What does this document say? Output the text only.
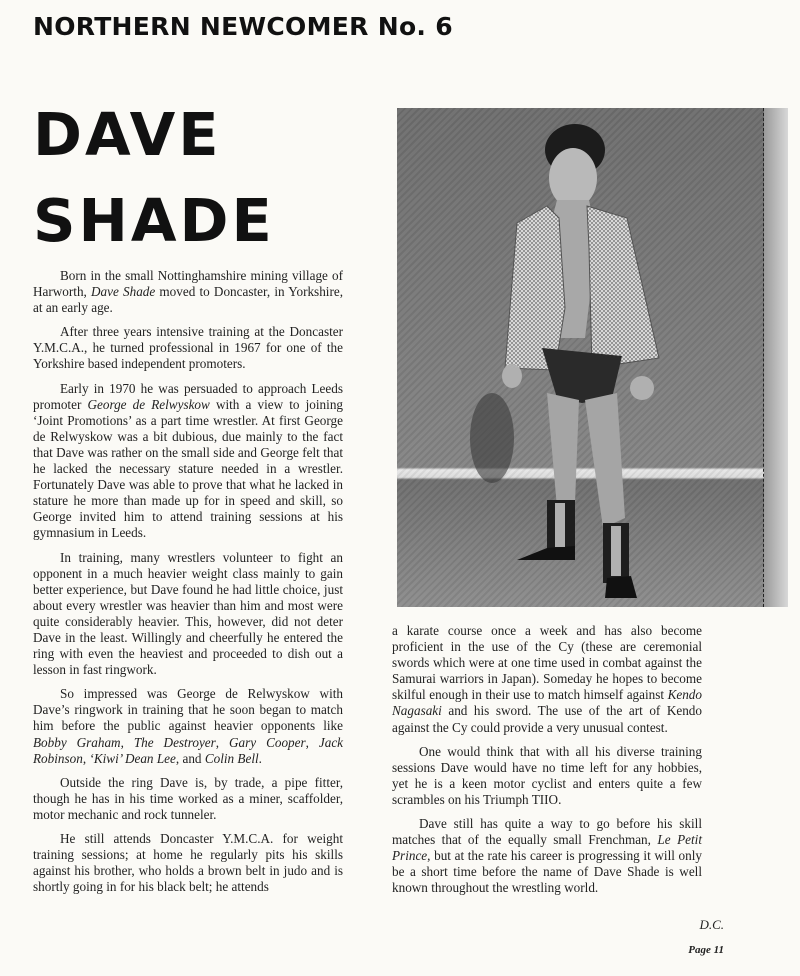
NORTHERN NEWCOMER No. 6
DAVE
SHADE

Born in the small Nottinghamshire mining village of Harworth, Dave Shade moved to Doncaster, in Yorkshire, at an early age.

After three years intensive training at the Doncaster Y.M.C.A., he turned professional in 1967 for one of the Yorkshire based independent promoters.

Early in 1970 he was persuaded to approach Leeds promoter George de Relwyskow with a view to joining ‘Joint Promotions’ as a part time wrestler. At first George de Relwyskow was a bit dubious, due mainly to the fact that Dave was rather on the small side and George felt that he lacked the necessary stature needed in a wrestler. Fortunately Dave was able to prove that what he lacked in stature he more than made up for in speed and skill, so George invited him to attend training sessions at his gymnasium in Leeds.

In training, many wrestlers volunteer to fight an opponent in a much heavier weight class mainly to gain better experience, but Dave found he had little choice, just about every wrestler was heavier than him and most were quite considerably heavier. This, however, did not deter Dave in the least. Willingly and cheerfully he entered the ring with even the heaviest and proceeded to dish out a lesson in fast ringwork.

So impressed was George de Relwyskow with Dave’s ringwork in training that he soon began to match him before the public against heavier opponents like Bobby Graham, The Destroyer, Gary Cooper, Jack Robinson, ‘Kiwi’ Dean Lee, and Colin Bell.

Outside the ring Dave is, by trade, a pipe fitter, though he has in his time worked as a miner, scaffolder, motor mechanic and rock tunneler.

He still attends Doncaster Y.M.C.A. for weight training sessions; at home he regularly pits his skills against his brother, who holds a brown belt in judo and is shortly going in for his black belt; he attends

a karate course once a week and has also become proficient in the use of the Cy (these are ceremonial swords which were at one time used in combat against the Samurai warriors in Japan). Someday he hopes to become skilful enough in their use to match himself against Kendo Nagasaki and his sword. The use of the art of Kendo against the Cy could provide a very unusual contest.

One would think that with all his diverse training sessions Dave would have no time left for any hobbies, yet he is a keen motor cyclist and enters quite a few scrambles on his Triumph TIIO.

Dave still has quite a way to go before his skill matches that of the equally small Frenchman, Le Petit Prince, but at the rate his career is progressing it will only be a short time before the name of Dave Shade is well known throughout the wrestling world.

D.C.
Page 11
